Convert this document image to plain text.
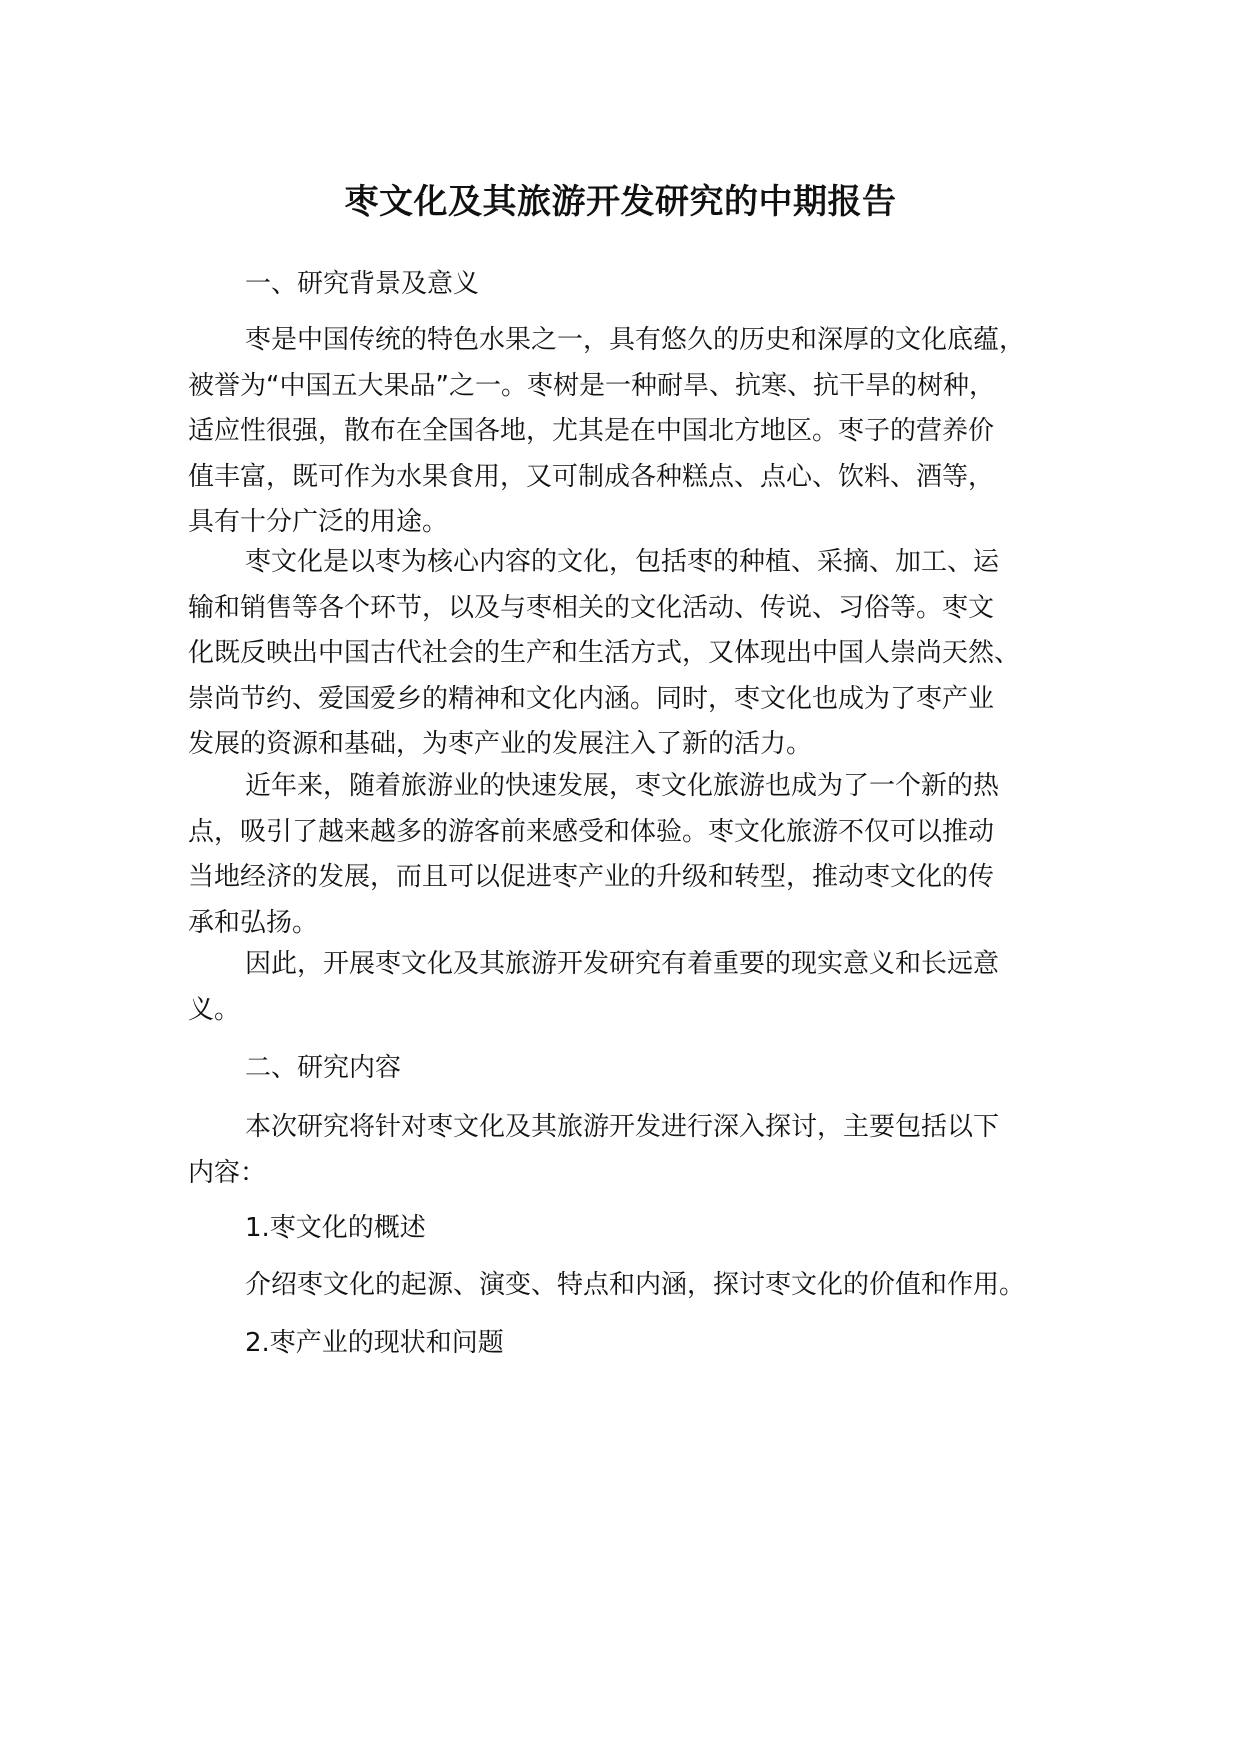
枣文化及其旅游开发研究的中期报告

一、研究背景及意义

枣是中国传统的特色水果之一，具有悠久的历史和深厚的文化底蕴，
被誉为“中国五大果品”之一。枣树是一种耐旱、抗寒、抗干旱的树种，
适应性很强，散布在全国各地，尤其是在中国北方地区。枣子的营养价
值丰富，既可作为水果食用，又可制成各种糕点、点心、饮料、酒等，
具有十分广泛的用途。

枣文化是以枣为核心内容的文化，包括枣的种植、采摘、加工、运
输和销售等各个环节，以及与枣相关的文化活动、传说、习俗等。枣文
化既反映出中国古代社会的生产和生活方式，又体现出中国人崇尚天然、
崇尚节约、爱国爱乡的精神和文化内涵。同时，枣文化也成为了枣产业
发展的资源和基础，为枣产业的发展注入了新的活力。

近年来，随着旅游业的快速发展，枣文化旅游也成为了一个新的热
点，吸引了越来越多的游客前来感受和体验。枣文化旅游不仅可以推动
当地经济的发展，而且可以促进枣产业的升级和转型，推动枣文化的传
承和弘扬。

因此，开展枣文化及其旅游开发研究有着重要的现实意义和长远意
义。

二、研究内容

本次研究将针对枣文化及其旅游开发进行深入探讨，主要包括以下
内容：

1.枣文化的概述

介绍枣文化的起源、演变、特点和内涵，探讨枣文化的价值和作用。

2.枣产业的现状和问题
